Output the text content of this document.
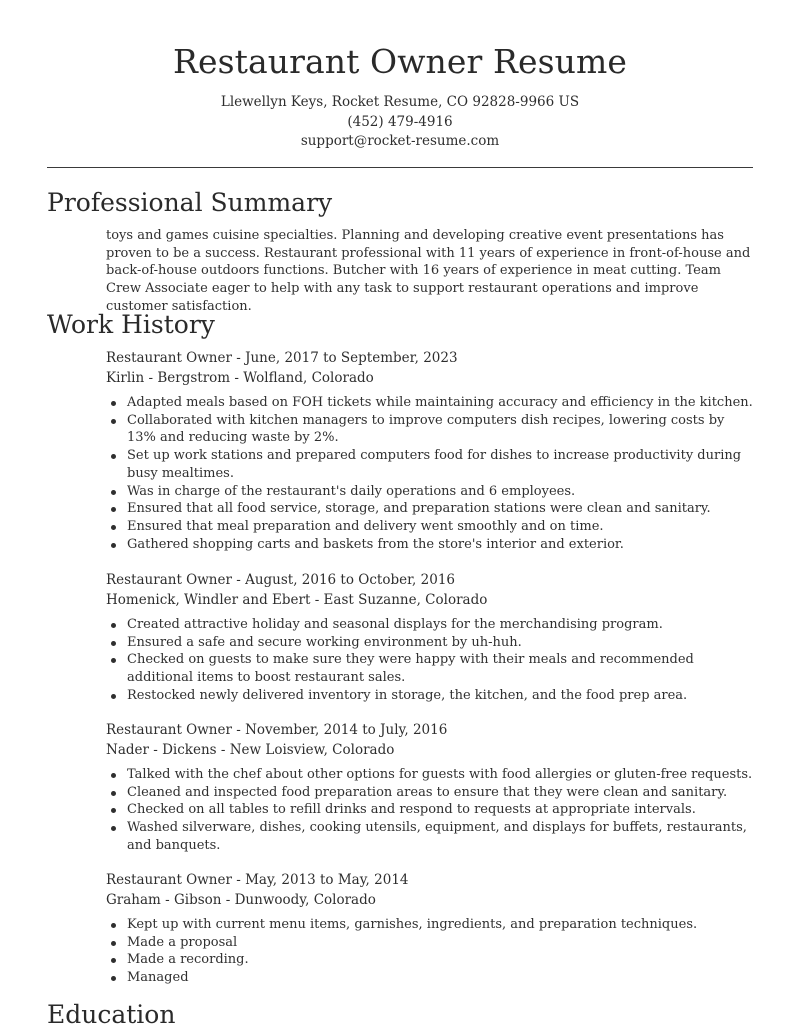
Restaurant Owner Resume
Llewellyn Keys, Rocket Resume, CO 92828-9966 US
(452) 479-4916
support@rocket-resume.com
Professional Summary
toys and games cuisine specialties. Planning and developing creative event presentations has proven to be a success. Restaurant professional with 11 years of experience in front-of-house and back-of-house outdoors functions. Butcher with 16 years of experience in meat cutting. Team Crew Associate eager to help with any task to support restaurant operations and improve customer satisfaction.
Work History
Restaurant Owner - June, 2017 to September, 2023
Kirlin - Bergstrom - Wolfland, Colorado
Adapted meals based on FOH tickets while maintaining accuracy and efficiency in the kitchen.
Collaborated with kitchen managers to improve computers dish recipes, lowering costs by 13% and reducing waste by 2%.
Set up work stations and prepared computers food for dishes to increase productivity during busy mealtimes.
Was in charge of the restaurant's daily operations and 6 employees.
Ensured that all food service, storage, and preparation stations were clean and sanitary.
Ensured that meal preparation and delivery went smoothly and on time.
Gathered shopping carts and baskets from the store's interior and exterior.
Restaurant Owner - August, 2016 to October, 2016
Homenick, Windler and Ebert - East Suzanne, Colorado
Created attractive holiday and seasonal displays for the merchandising program.
Ensured a safe and secure working environment by uh-huh.
Checked on guests to make sure they were happy with their meals and recommended additional items to boost restaurant sales.
Restocked newly delivered inventory in storage, the kitchen, and the food prep area.
Restaurant Owner - November, 2014 to July, 2016
Nader - Dickens - New Loisview, Colorado
Talked with the chef about other options for guests with food allergies or gluten-free requests.
Cleaned and inspected food preparation areas to ensure that they were clean and sanitary.
Checked on all tables to refill drinks and respond to requests at appropriate intervals.
Washed silverware, dishes, cooking utensils, equipment, and displays for buffets, restaurants, and banquets.
Restaurant Owner - May, 2013 to May, 2014
Graham - Gibson - Dunwoody, Colorado
Kept up with current menu items, garnishes, ingredients, and preparation techniques.
Made a proposal
Made a recording.
Managed
Education
